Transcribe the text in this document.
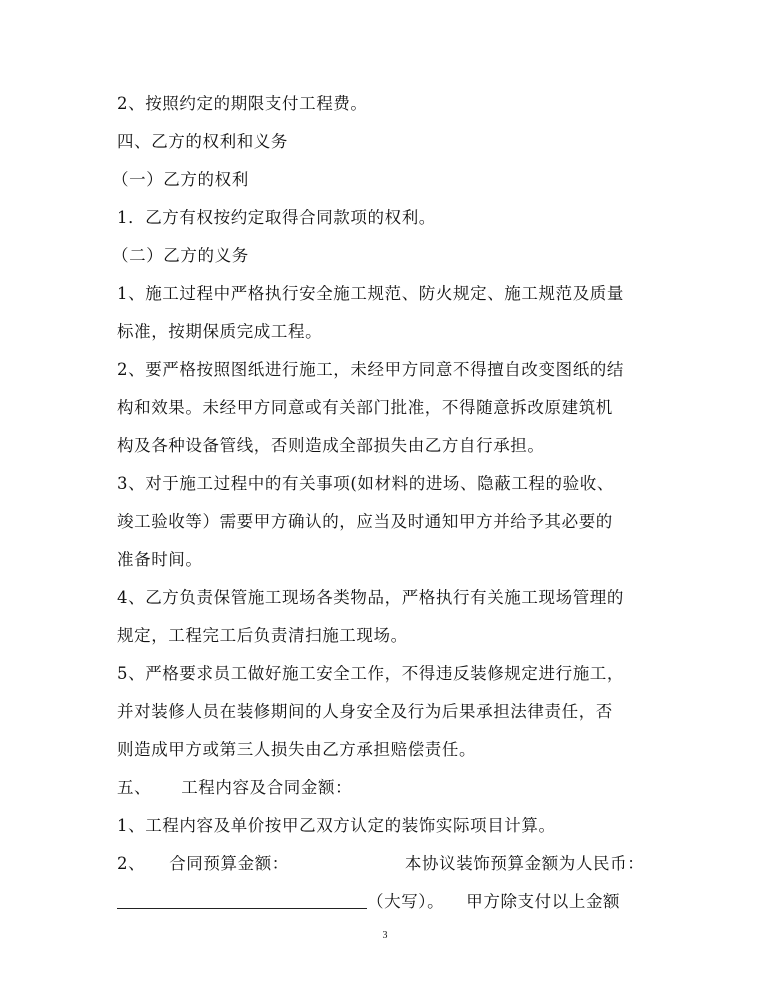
2、按照约定的期限支付工程费。
四、乙方的权利和义务
（一）乙方的权利
1．乙方有权按约定取得合同款项的权利。
（二）乙方的义务
1、施工过程中严格执行安全施工规范、防火规定、施工规范及质量
标准，按期保质完成工程。
2、要严格按照图纸进行施工，未经甲方同意不得擅自改变图纸的结
构和效果。未经甲方同意或有关部门批准，不得随意拆改原建筑机
构及各种设备管线，否则造成全部损失由乙方自行承担。
3、对于施工过程中的有关事项(如材料的进场、隐蔽工程的验收、
竣工验收等）需要甲方确认的，应当及时通知甲方并给予其必要的
准备时间。
4、乙方负责保管施工现场各类物品，严格执行有关施工现场管理的
规定，工程完工后负责清扫施工现场。
5、严格要求员工做好施工安全工作，不得违反装修规定进行施工，
并对装修人员在装修期间的人身安全及行为后果承担法律责任，否
则造成甲方或第三人损失由乙方承担赔偿责任。
五、 工程内容及合同金额：
1、工程内容及单价按甲乙双方认定的装饰实际项目计算。
2、 合同预算金额：	本协议装饰预算金额为人民币：
（大写）。 甲方除支付以上金额
3
